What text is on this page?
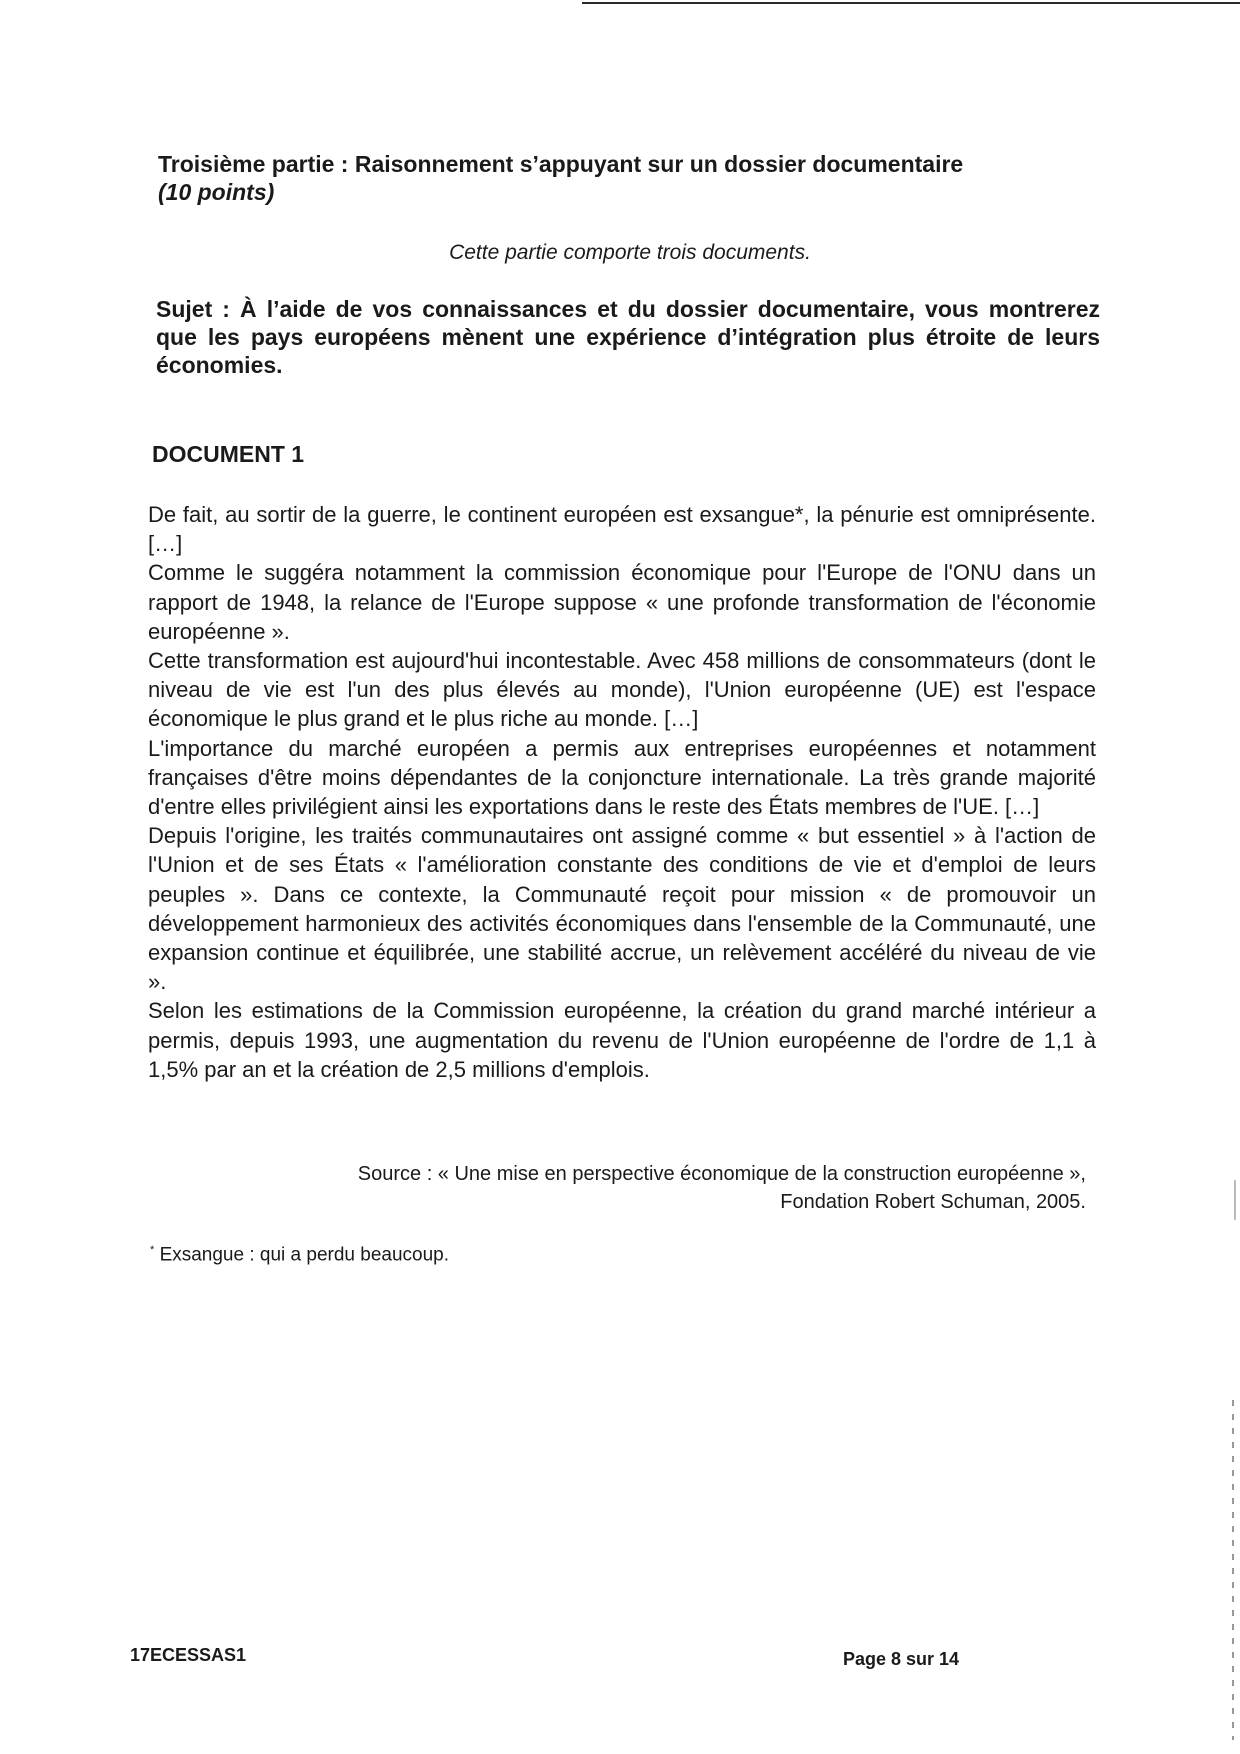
Troisième partie : Raisonnement s’appuyant sur un dossier documentaire
(10 points)
Cette partie comporte trois documents.
Sujet : À l’aide de vos connaissances et du dossier documentaire, vous montrerez que les pays européens mènent une expérience d’intégration plus étroite de leurs économies.
DOCUMENT 1

De fait, au sortir de la guerre, le continent européen est exsangue*, la pénurie est omniprésente. […]

Comme le suggéra notamment la commission économique pour l'Europe de l'ONU dans un rapport de 1948, la relance de l'Europe suppose « une profonde transformation de l'économie européenne ».

Cette transformation est aujourd'hui incontestable. Avec 458 millions de consommateurs (dont le niveau de vie est l'un des plus élevés au monde), l'Union européenne (UE) est l'espace économique le plus grand et le plus riche au monde. […]

L'importance du marché européen a permis aux entreprises européennes et notamment françaises d'être moins dépendantes de la conjoncture internationale. La très grande majorité d'entre elles privilégient ainsi les exportations dans le reste des États membres de l'UE. […]

Depuis l'origine, les traités communautaires ont assigné comme « but essentiel » à l'action de l'Union et de ses États « l'amélioration constante des conditions de vie et d'emploi de leurs peuples ». Dans ce contexte, la Communauté reçoit pour mission « de promouvoir un développement harmonieux des activités économiques dans l'ensemble de la Communauté, une expansion continue et équilibrée, une stabilité accrue, un relèvement accéléré du niveau de vie ».

Selon les estimations de la Commission européenne, la création du grand marché intérieur a permis, depuis 1993, une augmentation du revenu de l'Union européenne de l'ordre de 1,1 à 1,5% par an et la création de 2,5 millions d'emplois.

Source : « Une mise en perspective économique de la construction européenne »,
Fondation Robert Schuman, 2005.
* Exsangue : qui a perdu beaucoup.
17ECESSAS1	Page 8 sur 14
